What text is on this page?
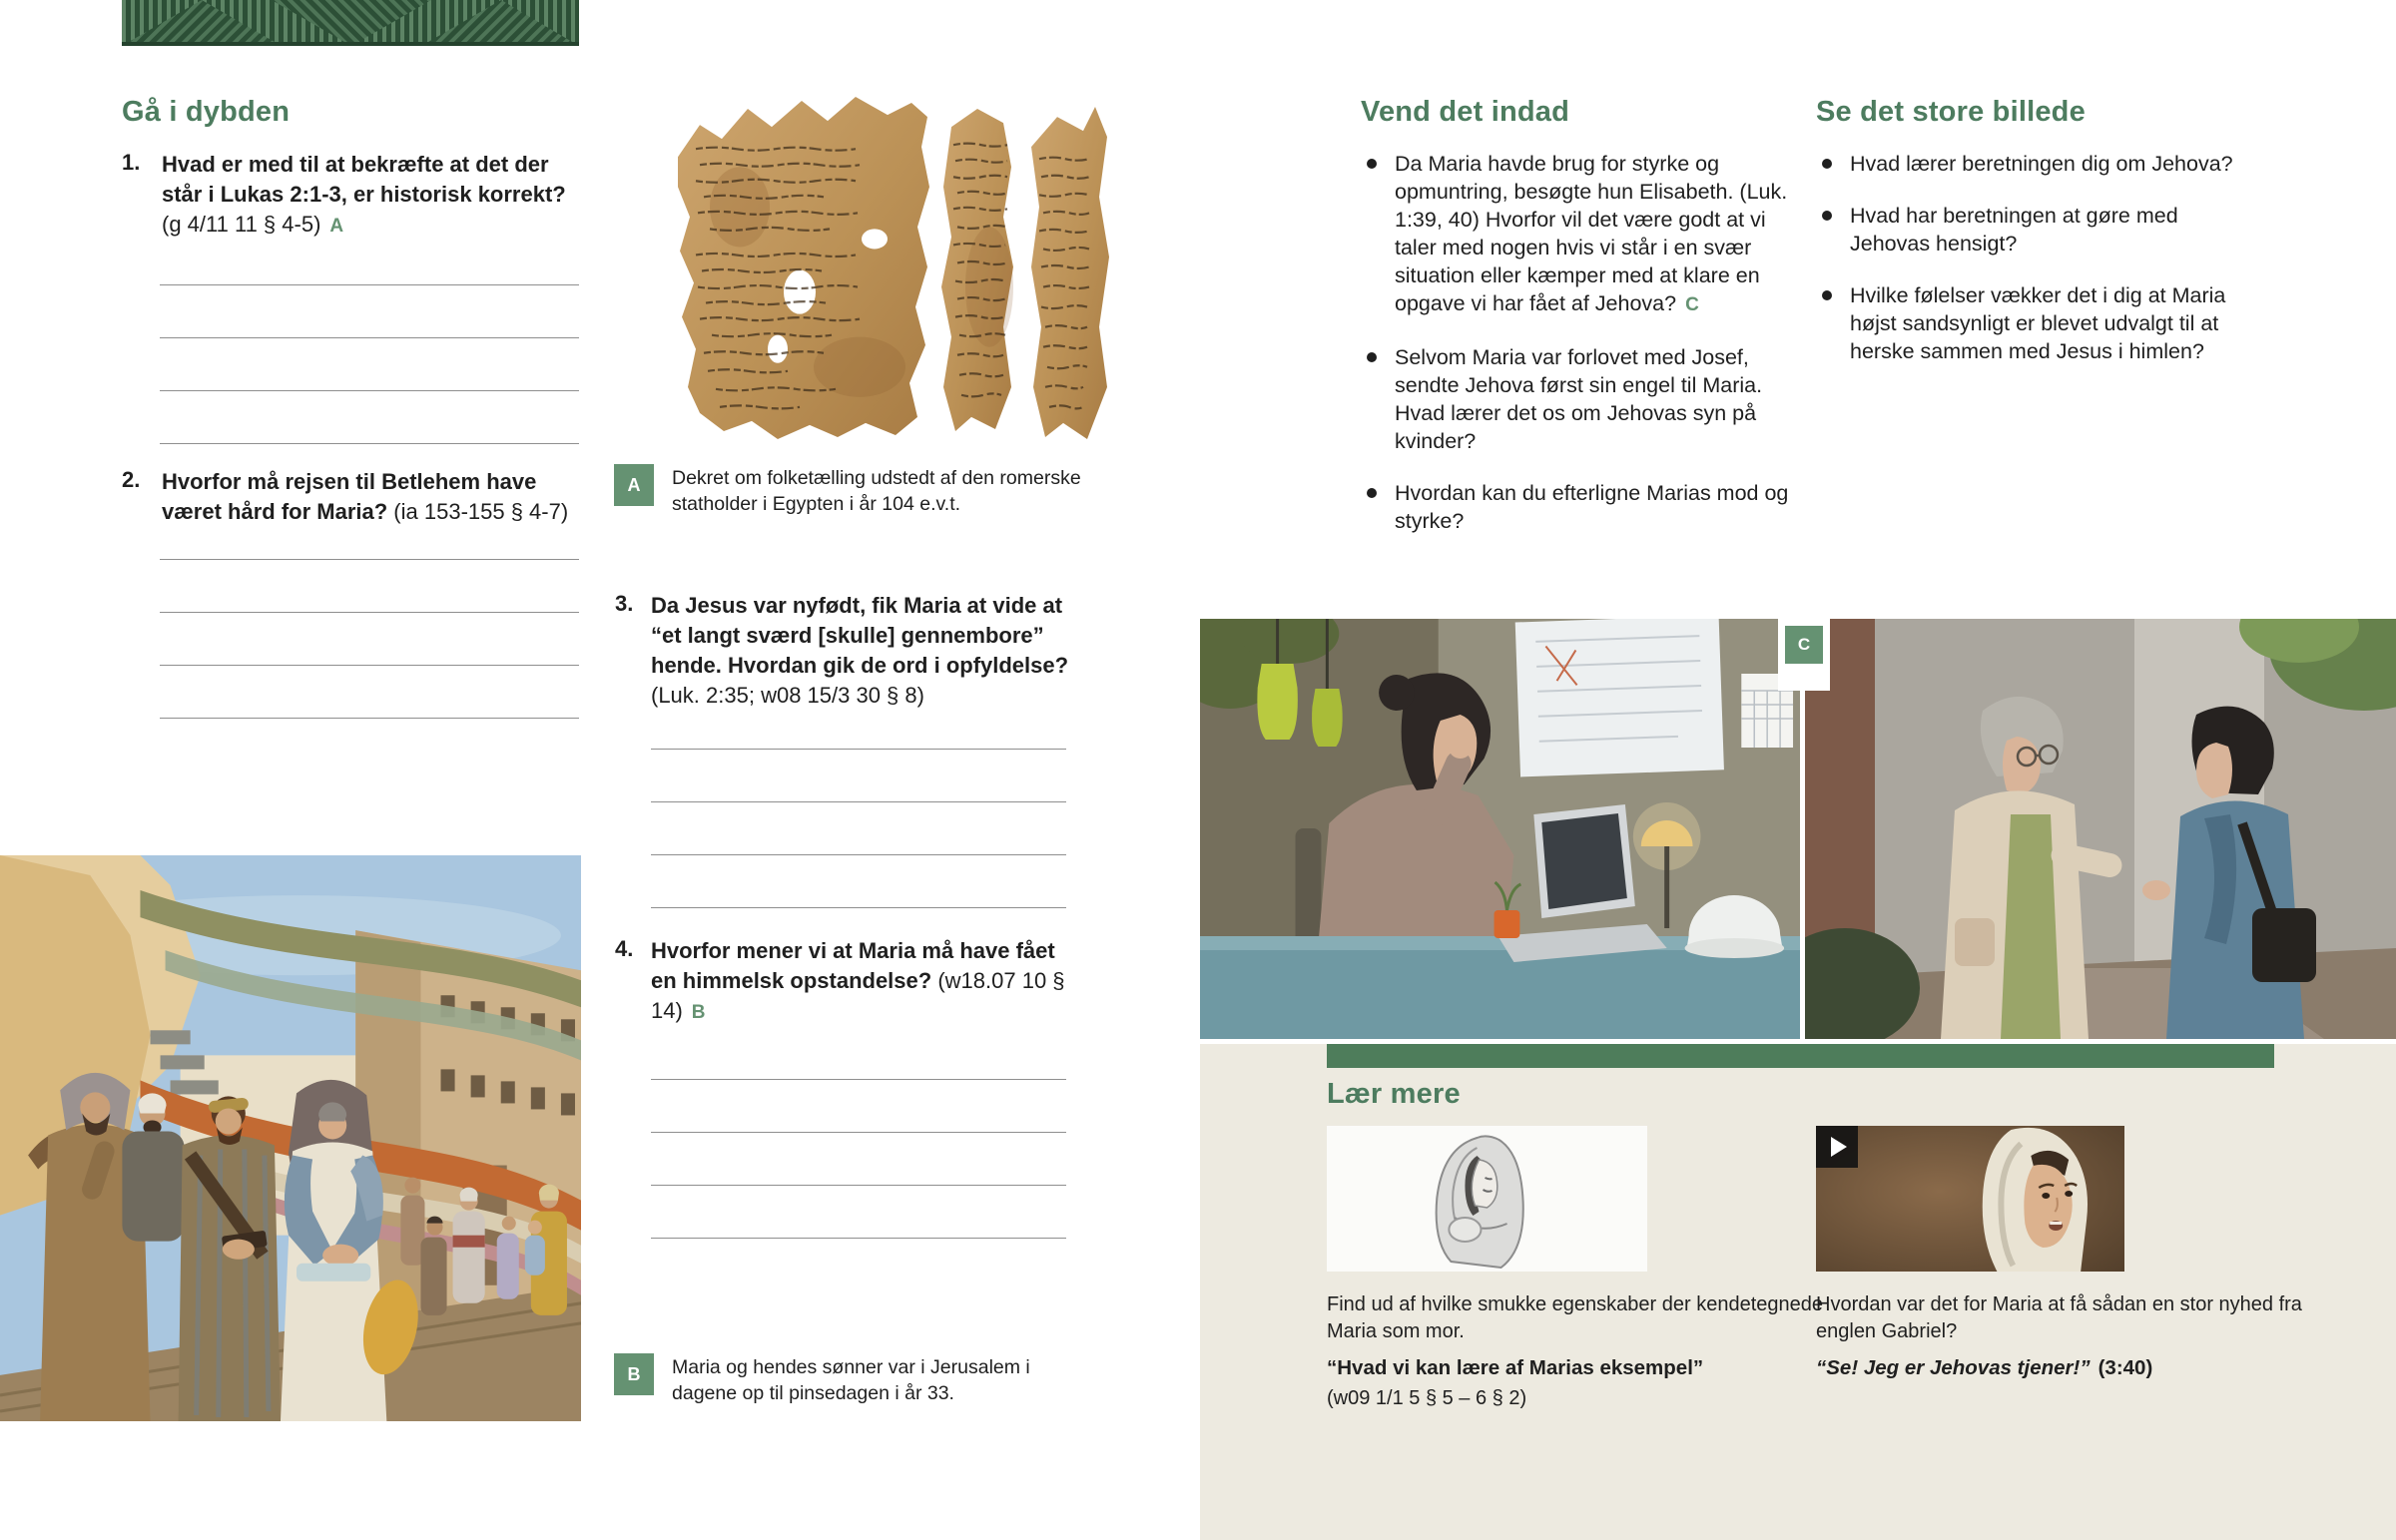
Gå i dybden
1. Hvad er med til at bekræfte at det der står i Lukas 2:1-3, er historisk korrekt? (g 4/11 11 § 4-5) A

2. Hvorfor må rejsen til Betlehem have været hård for Maria? (ia 153-155 § 4-7)

A	Dekret om folketælling udstedt af den romerske statholder i Egypten i år 104 e.v.t.
3. Da Jesus var nyfødt, fik Maria at vide at “et langt sværd [skulle] gennembore” hende. Hvordan gik de ord i opfyldelse? (Luk. 2:35; w08 15/3 30 § 8)

4. Hvorfor mener vi at Maria må have fået en himmelsk opstandelse? (w18.07 10 § 14) B

B	Maria og hendes sønner var i Jerusalem i dagene op til pinsedagen i år 33.
Vend det indad
Da Maria havde brug for styrke og opmuntring, besøgte hun Elisabeth. (Luk. 1:39, 40) Hvorfor vil det være godt at vi taler med nogen hvis vi står i en svær situation eller kæmper med at klare en opgave vi har fået af Jehova? C
Selvom Maria var forlovet med Josef, sendte Jehova først sin engel til Maria. Hvad lærer det os om Jehovas syn på kvinder?
Hvordan kan du efterligne Marias mod og styrke?
Se det store billede
Hvad lærer beretningen dig om Jehova?
Hvad har beretningen at gøre med Jehovas hensigt?
Hvilke følelser vækker det i dig at Maria højst sandsynligt er blevet udvalgt til at herske sammen med Jesus i himlen?
C
Lær mere
Find ud af hvilke smukke egenskaber der kendetegnede Maria som mor.
“Hvad vi kan lære af Marias eksempel”
(w09 1/1 5 § 5 – 6 § 2)
Hvordan var det for Maria at få sådan en stor nyhed fra englen Gabriel?
“Se! Jeg er Jehovas tjener!” (3:40)
